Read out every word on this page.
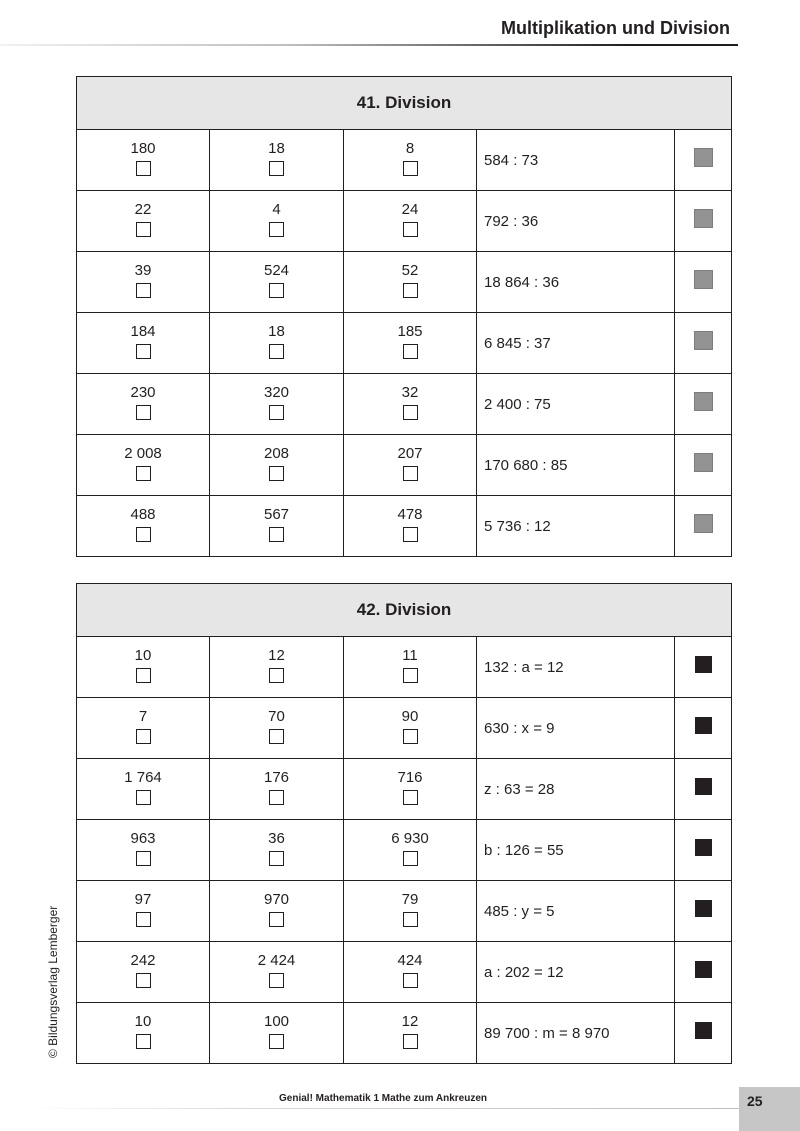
Multiplikation und Division
41. Division				

180	18	8	584 : 73	

22	4	24	792 : 36	

39	524	52	18 864 : 36	

184	18	185	6 845 : 37	

230	320	32	2 400 : 75	

2 008	208	207	170 680 : 85	

488	567	478	5 736 : 12	
42. Division				

10	12	11	132 : a = 12	

7	70	90	630 : x = 9	

1 764	176	716	z : 63 = 28	

963	36	6 930	b : 126 = 55	

97	970	79	485 : y = 5	

242	2 424	424	a : 202 = 12	

10	100	12	89 700 : m = 8 970	
© Bildungsverlag Lemberger
Genial! Mathematik 1 Mathe zum Ankreuzen	25
